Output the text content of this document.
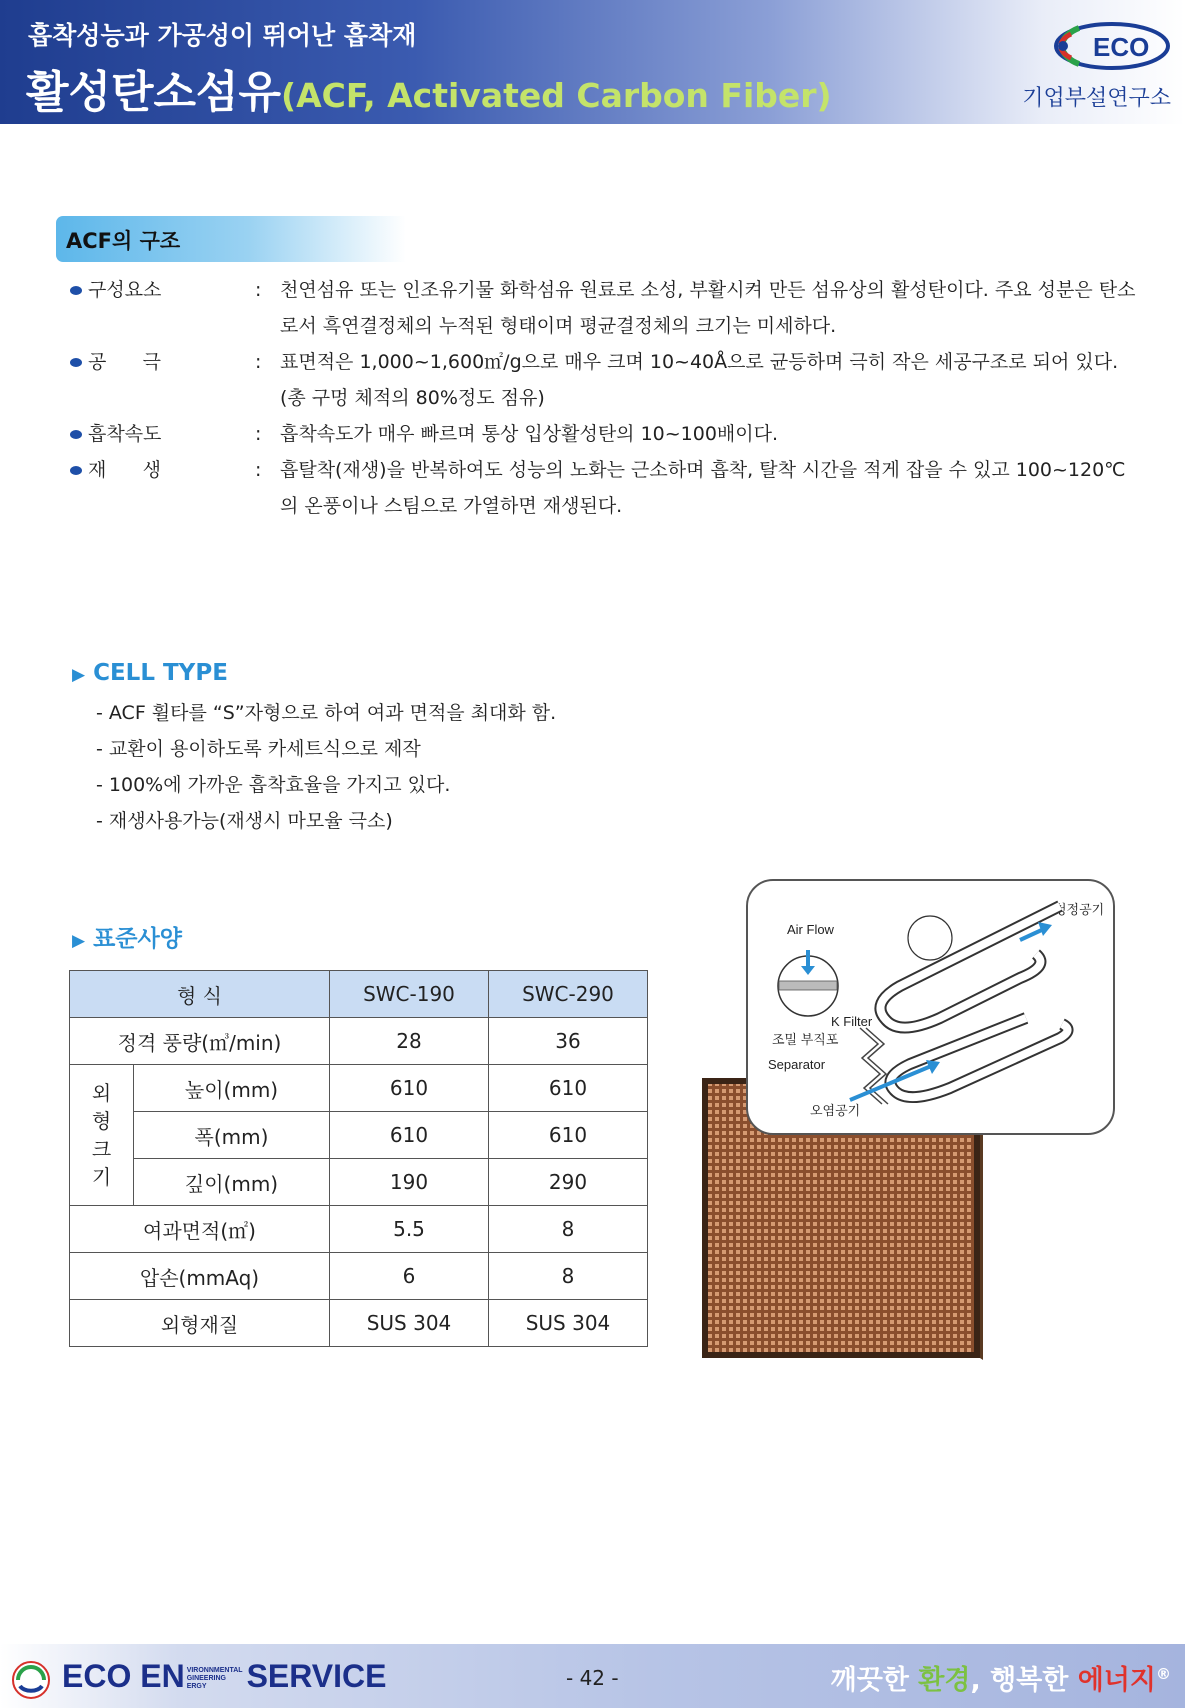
흡착성능과 가공성이 뛰어난 흡착재
활성탄소섬유(ACF, Activated Carbon Fiber)
ECO
기업부설연구소
ACF의 구조
구성요소	: 천연섬유 또는 인조유기물 화학섬유 원료로 소성, 부활시켜 만든 섬유상의 활성탄이다. 주요 성분은 탄소로서 흑연결정체의 누적된 형태이며 평균결정체의 크기는 미세하다.
공      극	: 표면적은 1,000~1,600㎡/g으로 매우 크며 10~40Å으로 균등하며 극히 작은 세공구조로 되어 있다. (총 구멍 체적의 80%정도 점유)
흡착속도	: 흡착속도가 매우 빠르며 통상 입상활성탄의 10~100배이다.
재      생	: 흡탈착(재생)을 반복하여도 성능의 노화는 근소하며 흡착, 탈착 시간을 적게 잡을 수 있고 100~120℃의 온풍이나 스팀으로 가열하면 재생된다.
▶ CELL TYPE
- ACF 휠타를 “S”자형으로 하여 여과 면적을 최대화 함.
- 교환이 용이하도록 카세트식으로 제작
- 100%에 가까운 흡착효율을 가지고 있다.
- 재생사용가능(재생시 마모율 극소)
▶ 표준사양
형 식		SWC-190	SWC-290
정격 풍량(㎥/min)		28	36

외형크기	높이(mm)	610	610
	폭(mm)	610	610
	깊이(mm)	190	290
여과면적(㎡)		5.5	8
압손(mmAq)		6	8
외형재질		SUS 304	SUS 304
Air Flow
K Filter
조밀 부직포
Separator
오염공기
청정공기
ECO EN VIRONNMENTAL
GINEERING
ERGY	SERVICE	- 42 -	깨끗한 환경, 행복한 에너지®
